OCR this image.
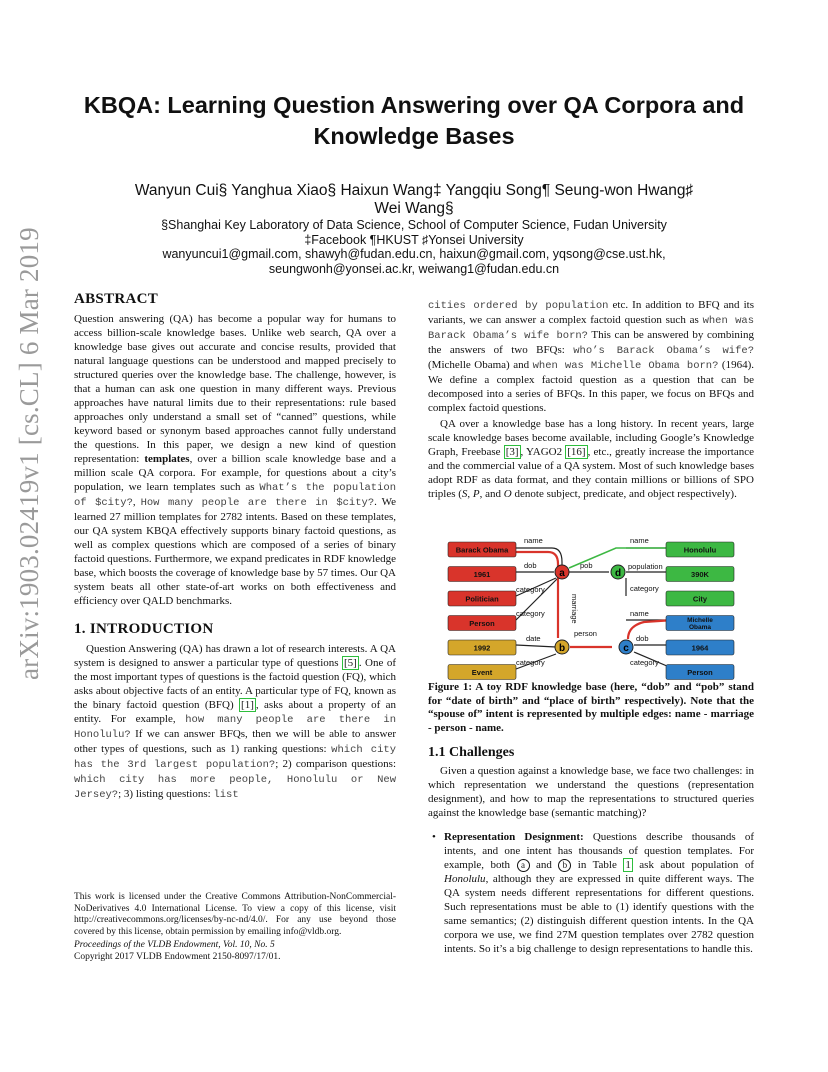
arXiv:1903.02419v1 [cs.CL] 6 Mar 2019
KBQA: Learning Question Answering over QA Corpora and Knowledge Bases
Wanyun Cui§ Yanghua Xiao§ Haixun Wang‡ Yangqiu Song¶ Seung-won Hwang♯
Wei Wang§
§Shanghai Key Laboratory of Data Science, School of Computer Science, Fudan University
‡Facebook ¶HKUST ♯Yonsei University
wanyuncui1@gmail.com, shawyh@fudan.edu.cn, haixun@gmail.com, yqsong@cse.ust.hk,
seungwonh@yonsei.ac.kr, weiwang1@fudan.edu.cn
ABSTRACT

Question answering (QA) has become a popular way for humans to access billion-scale knowledge bases. Unlike web search, QA over a knowledge base gives out accurate and concise results, provided that natural language questions can be understood and mapped precisely to structured queries over the knowledge base. The challenge, however, is that a human can ask one question in many different ways. Previous approaches have natural limits due to their representations: rule based approaches only understand a small set of “canned” questions, while keyword based or synonym based approaches cannot fully understand the questions. In this paper, we design a new kind of question representation: templates, over a billion scale knowledge base and a million scale QA corpora. For example, for questions about a city’s population, we learn templates such as What’s the population of $city?, How many people are there in $city?. We learned 27 million templates for 2782 intents. Based on these templates, our QA system KBQA effectively supports binary factoid questions, as well as complex questions which are composed of a series of binary factoid questions. Furthermore, we expand predicates in RDF knowledge base, which boosts the coverage of knowledge base by 57 times. Our QA system beats all other state-of-art works on both effectiveness and efficiency over QALD benchmarks.

1. INTRODUCTION

Question Answering (QA) has drawn a lot of research interests. A QA system is designed to answer a particular type of questions [5] . One of the most important types of questions is the factoid question (FQ), which asks about objective facts of an entity. A particular type of FQ, known as the binary factoid question (BFQ) [1] , asks about a property of an entity. For example, how many people are there in Honolulu? If we can answer BFQs, then we will be able to answer other types of questions, such as 1) ranking questions: which city has the 3rd largest population?; 2) comparison questions: which city has more people, Honolulu or New Jersey?; 3) listing questions: list

This work is licensed under the Creative Commons Attribution-NonCommercial-NoDerivatives 4.0 International License. To view a copy of this license, visit http://creativecommons.org/licenses/by-nc-nd/4.0/. For any use beyond those covered by this license, obtain permission by emailing info@vldb.org.

Proceedings of the VLDB Endowment, Vol. 10, No. 5

Copyright 2017 VLDB Endowment 2150-8097/17/01.

cities ordered by population etc. In addition to BFQ and its variants, we can answer a complex factoid question such as when was Barack Obama’s wife born? This can be answered by combining the answers of two BFQs: who’s Barack Obama’s wife? (Michelle Obama) and when was Michelle Obama born? (1964). We define a complex factoid question as a question that can be decomposed into a series of BFQs. In this paper, we focus on BFQs and complex factoid questions.

QA over a knowledge base has a long history. In recent years, large scale knowledge bases become available, including Google’s Knowledge Graph, Freebase [3] , YAGO2 [16] , etc., greatly increase the importance and the commercial value of a QA system. Most of such knowledge bases adopt RDF as data format, and they contain millions or billions of SPO triples (S, P, and O denote subject, predicate, and object respectively).

Barack Obama
1961
Politician
Person
1992
Event
Honolulu
390K
City
Michelle
Obama
1964
Person
a
b	c
d
name
dob
category
category
date
category
pob
marriage
person
name
population
category
name
dob
category
Figure 1: A toy RDF knowledge base (here, “dob” and “pob” stand for “date of birth” and “place of birth” respectively). Note that the “spouse of” intent is represented by multiple edges: name - marriage - person - name.
1.1 Challenges

Given a question against a knowledge base, we face two challenges: in which representation we understand the questions (representation designment), and how to map the representations to structured queries against the knowledge base (semantic matching)?

• Representation Designment: Questions describe thousands of intents, and one intent has thousands of question templates. For example, both a and b in Table 1 ask about population of Honolulu, although they are expressed in quite different ways. The QA system needs different representations for different questions. Such representations must be able to (1) identify questions with the same semantics; (2) distinguish different question intents. In the QA corpora we use, we find 27M question templates over 2782 question intents. So it’s a big challenge to design representations to handle this.
